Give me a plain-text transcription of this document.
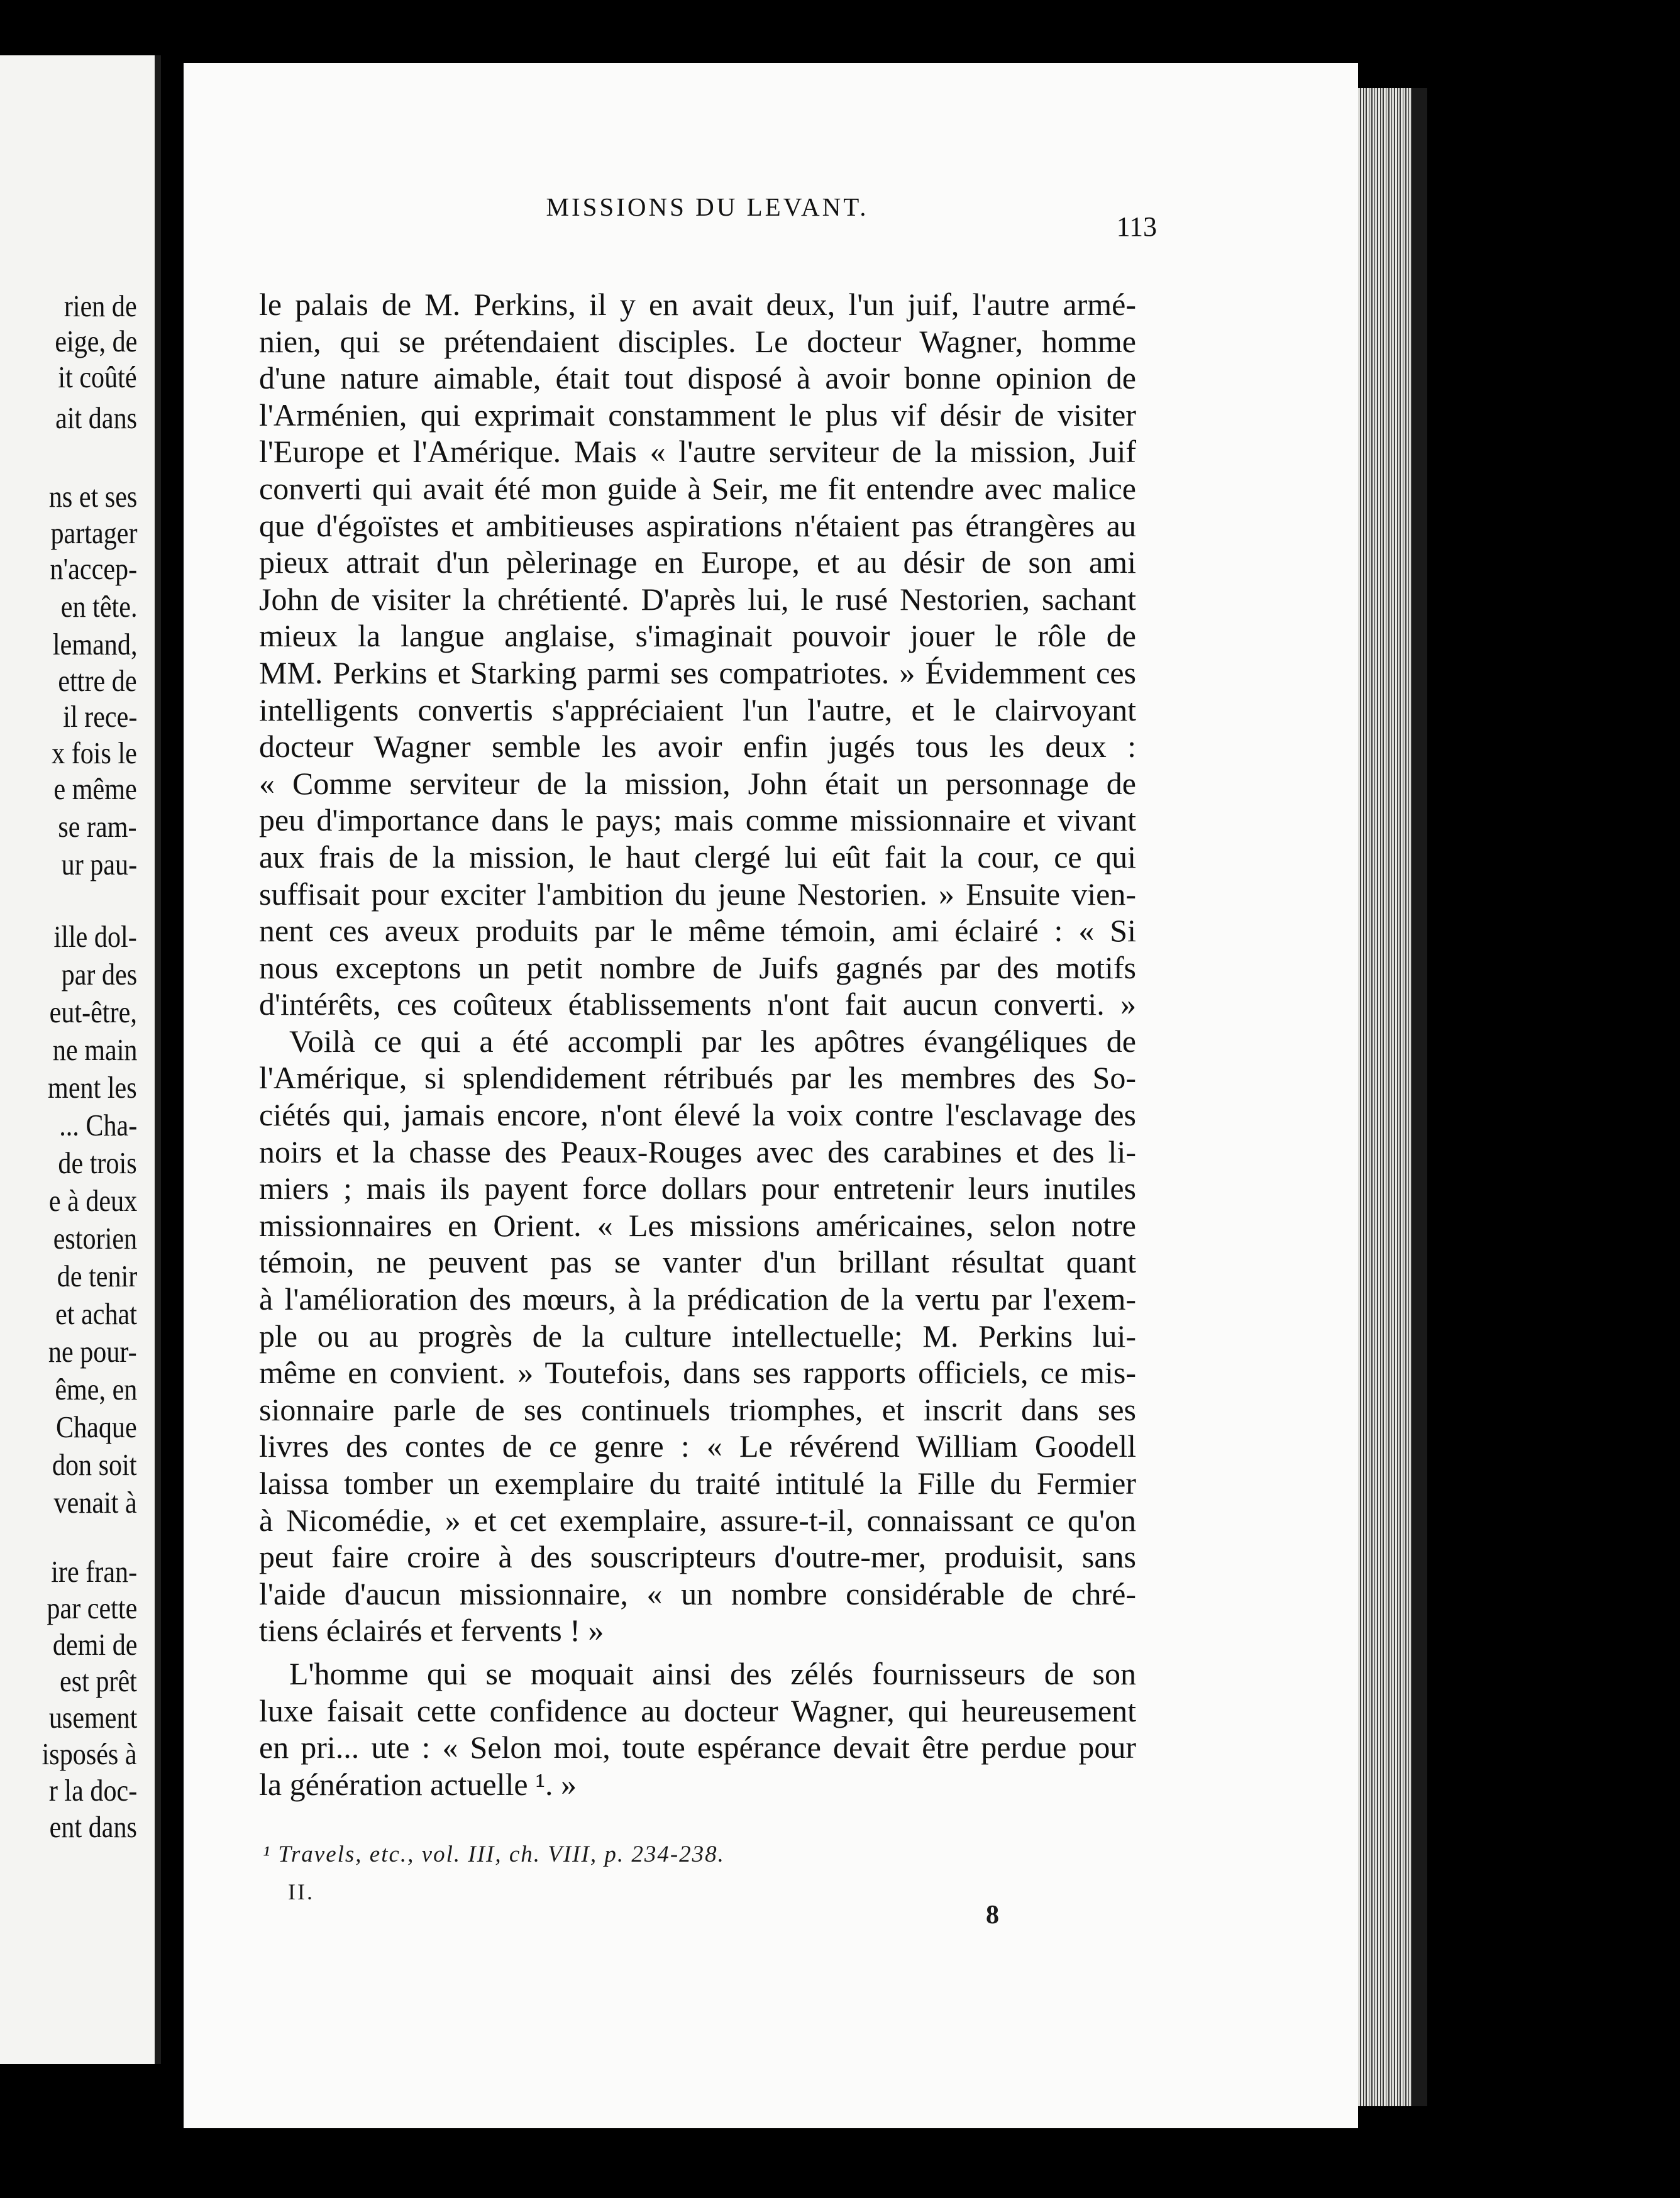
rien de
eige, de
it coûté
ait dans
ns et ses
partager
n'accep-
en tête.
lemand,
ettre de
il rece-
x fois le
e même
se ram-
ur pau-
ille dol-
par des
eut-être,
ne main
ment les
... Cha-
de trois
e à deux
estorien
de tenir
et achat
ne pour-
ême, en
Chaque
don soit
venait à
ire fran-
par cette
demi de
est prêt
usement
isposés à
r la doc-
ent dans
MISSIONS DU LEVANT.
113
le palais de M. Perkins, il y en avait deux, l'un juif, l'autre armé-
nien, qui se prétendaient disciples. Le docteur Wagner, homme
d'une nature aimable, était tout disposé à avoir bonne opinion de
l'Arménien, qui exprimait constamment le plus vif désir de visiter
l'Europe et l'Amérique. Mais « l'autre serviteur de la mission, Juif
converti qui avait été mon guide à Seir, me fit entendre avec malice
que d'égoïstes et ambitieuses aspirations n'étaient pas étrangères au
pieux attrait d'un pèlerinage en Europe, et au désir de son ami
John de visiter la chrétienté. D'après lui, le rusé Nestorien, sachant
mieux la langue anglaise, s'imaginait pouvoir jouer le rôle de
MM. Perkins et Starking parmi ses compatriotes. » Évidemment ces
intelligents convertis s'appréciaient l'un l'autre, et le clairvoyant
docteur Wagner semble les avoir enfin jugés tous les deux :
« Comme serviteur de la mission, John était un personnage de
peu d'importance dans le pays; mais comme missionnaire et vivant
aux frais de la mission, le haut clergé lui eût fait la cour, ce qui
suffisait pour exciter l'ambition du jeune Nestorien. » Ensuite vien-
nent ces aveux produits par le même témoin, ami éclairé : « Si
nous exceptons un petit nombre de Juifs gagnés par des motifs
d'intérêts, ces coûteux établissements n'ont fait aucun converti. »
Voilà ce qui a été accompli par les apôtres évangéliques de
l'Amérique, si splendidement rétribués par les membres des So-
ciétés qui, jamais encore, n'ont élevé la voix contre l'esclavage des
noirs et la chasse des Peaux-Rouges avec des carabines et des li-
miers ; mais ils payent force dollars pour entretenir leurs inutiles
missionnaires en Orient. « Les missions américaines, selon notre
témoin, ne peuvent pas se vanter d'un brillant résultat quant
à l'amélioration des mœurs, à la prédication de la vertu par l'exem-
ple ou au progrès de la culture intellectuelle; M. Perkins lui-
même en convient. » Toutefois, dans ses rapports officiels, ce mis-
sionnaire parle de ses continuels triomphes, et inscrit dans ses
livres des contes de ce genre : « Le révérend William Goodell
laissa tomber un exemplaire du traité intitulé la Fille du Fermier
à Nicomédie, » et cet exemplaire, assure-t-il, connaissant ce qu'on
peut faire croire à des souscripteurs d'outre-mer, produisit, sans
l'aide d'aucun missionnaire, « un nombre considérable de chré-
tiens éclairés et fervents ! »
L'homme qui se moquait ainsi des zélés fournisseurs de son
luxe faisait cette confidence au docteur Wagner, qui heureusement
en pri... ute : « Selon moi, toute espérance devait être perdue pour
la génération actuelle ¹. »
¹ Travels, etc., vol. III, ch. VIII, p. 234-238.
II.
8
